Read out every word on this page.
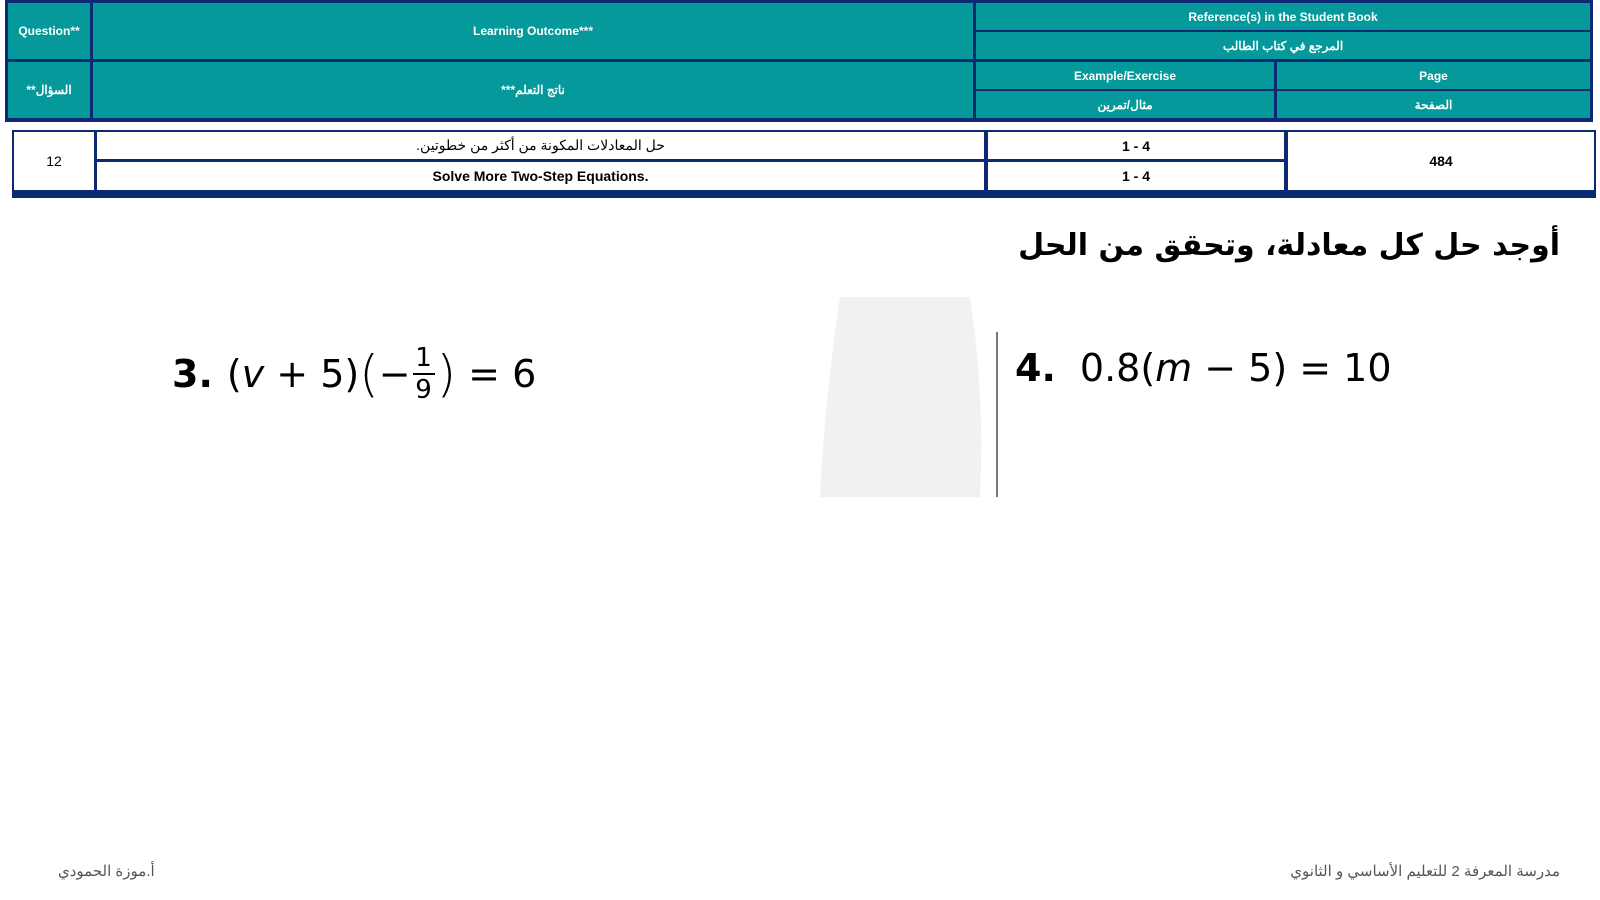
Question**
السؤال**
Learning Outcome***
ناتج التعلم***
Reference(s) in the Student Book
المرجع في كتاب الطالب
Example/Exercise
مثال/تمرين
Page
الصفحة
12
حل المعادلات المكونة من أكثر من خطوتين.
Solve More Two-Step Equations.
1 - 4
1 - 4
484
أوجد حل كل معادلة، وتحقق من الحل
3. ( v + 5) ( − $\frac{1}{9}$ ) = 6	4. 0.8( m − 5) = 10
أ.موزة الحمودي	مدرسة المعرفة 2 للتعليم الأساسي و الثانوي
